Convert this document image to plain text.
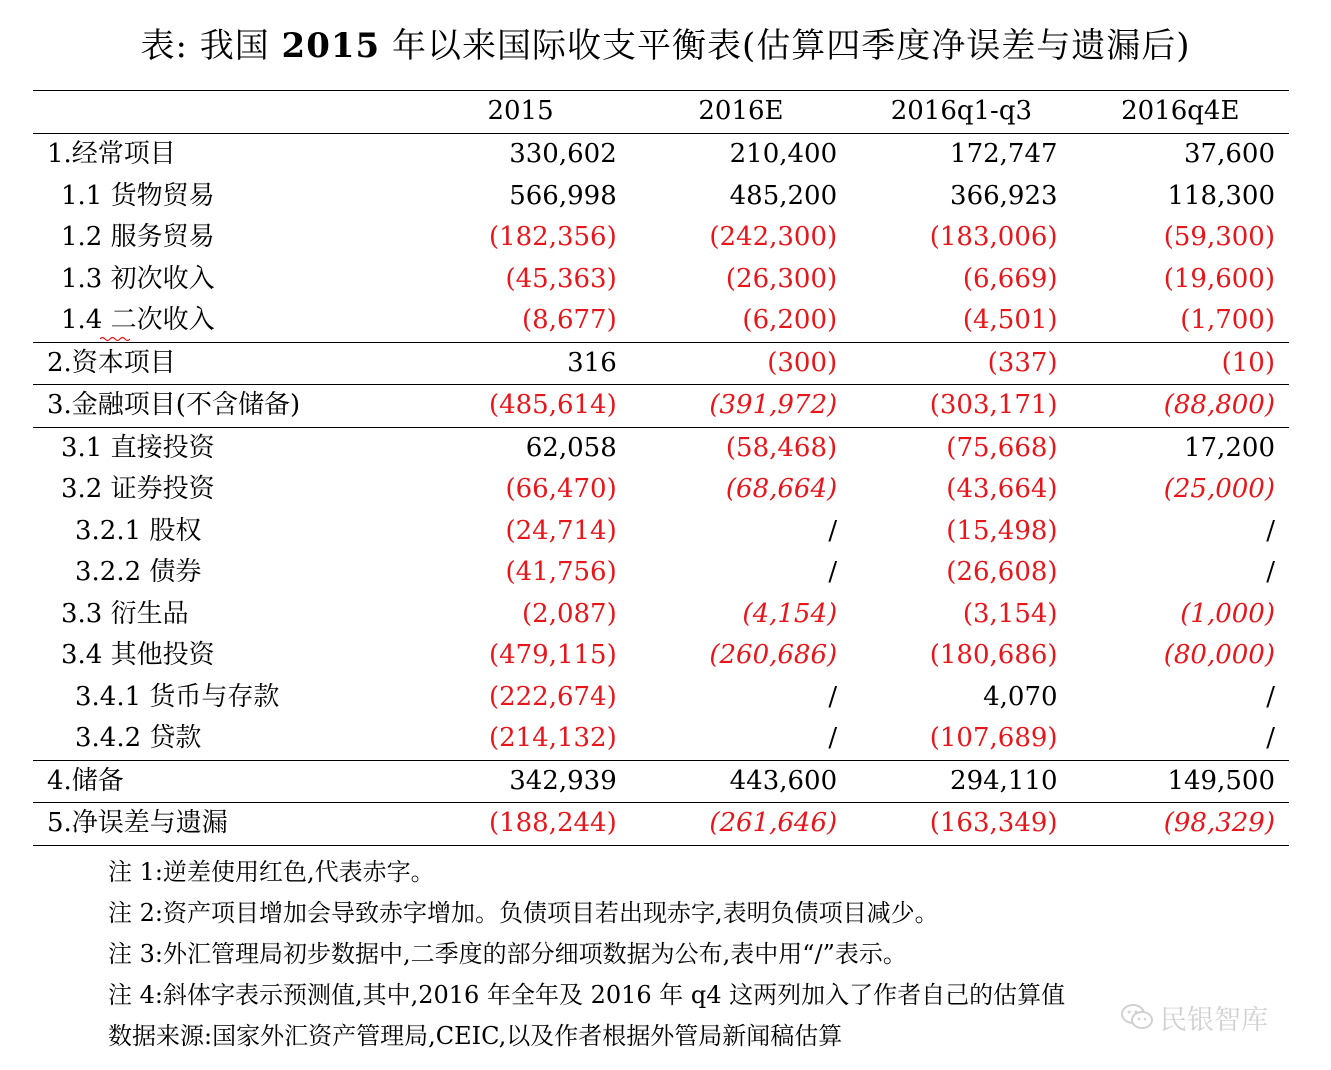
表: 我国 2015 年以来国际收支平衡表(估算四季度净误差与遗漏后)
	2015	2016E	2016q1-q3	2016q4E
1.经常项目	330,602	210,400	172,747	37,600
1.1 货物贸易	566,998	485,200	366,923	118,300
1.2 服务贸易	(182,356)	(242,300)	(183,006)	(59,300)
1.3 初次收入	(45,363)	(26,300)	(6,669)	(19,600)
1.4 二次收入	(8,677)	(6,200)	(4,501)	(1,700)
2.资本项目	316	(300)	(337)	(10)
3.金融项目(不含储备)	(485,614)	(391,972)	(303,171)	(88,800)
3.1 直接投资	62,058	(58,468)	(75,668)	17,200
3.2 证券投资	(66,470)	(68,664)	(43,664)	(25,000)
3.2.1 股权	(24,714)	/	(15,498)	/
3.2.2 债券	(41,756)	/	(26,608)	/
3.3 衍生品	(2,087)	(4,154)	(3,154)	(1,000)
3.4 其他投资	(479,115)	(260,686)	(180,686)	(80,000)
3.4.1 货币与存款	(222,674)	/	4,070	/
3.4.2 贷款	(214,132)	/	(107,689)	/
4.储备	342,939	443,600	294,110	149,500
5.净误差与遗漏	(188,244)	(261,646)	(163,349)	(98,329)
注 1:逆差使用红色,代表赤字。
注 2:资产项目增加会导致赤字增加。负债项目若出现赤字,表明负债项目减少。
注 3:外汇管理局初步数据中,二季度的部分细项数据为公布,表中用“/”表示。
注 4:斜体字表示预测值,其中,2016 年全年及 2016 年 q4 这两列加入了作者自己的估算值
数据来源:国家外汇资产管理局,CEIC,以及作者根据外管局新闻稿估算
民银智库
